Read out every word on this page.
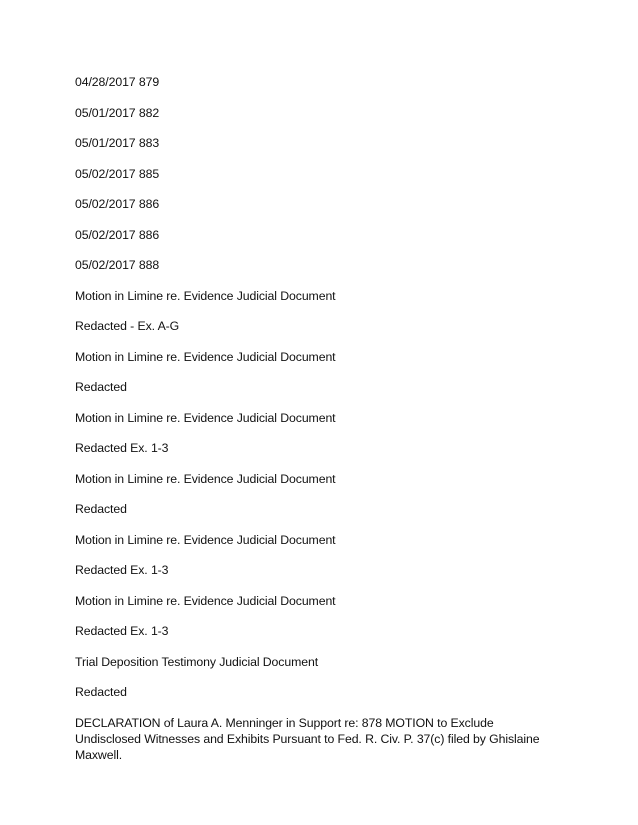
04/28/2017 879
05/01/2017 882
05/01/2017 883
05/02/2017 885
05/02/2017 886
05/02/2017 886
05/02/2017 888
Motion in Limine re. Evidence Judicial Document
Redacted - Ex. A-G
Motion in Limine re. Evidence Judicial Document
Redacted
Motion in Limine re. Evidence Judicial Document
Redacted Ex. 1-3
Motion in Limine re. Evidence Judicial Document
Redacted
Motion in Limine re. Evidence Judicial Document
Redacted Ex. 1-3
Motion in Limine re. Evidence Judicial Document
Redacted Ex. 1-3
Trial Deposition Testimony Judicial Document
Redacted
DECLARATION of Laura A. Menninger in Support re: 878 MOTION to Exclude Undisclosed Witnesses and Exhibits Pursuant to Fed. R. Civ. P. 37(c) filed by Ghislaine Maxwell.
